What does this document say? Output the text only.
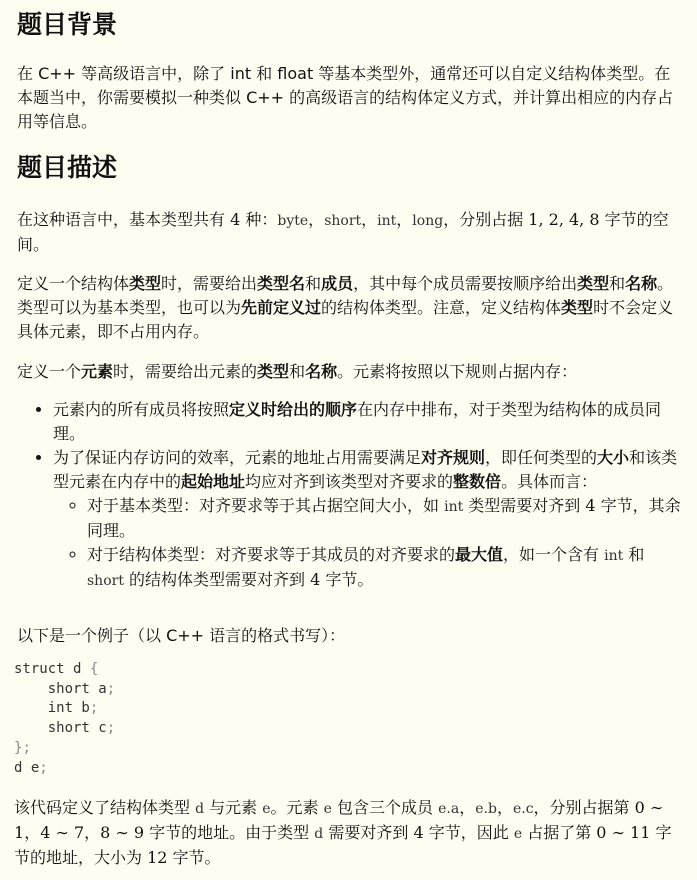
题目背景

在 C++ 等高级语言中，除了 int 和 float 等基本类型外，通常还可以自定义结构体类型。在本题当中，你需要模拟一种类似 C++ 的高级语言的结构体定义方式，并计算出相应的内存占用等信息。

题目描述

在这种语言中，基本类型共有 4 种：byte，short，int，long，分别占据 1, 2, 4, 8 字节的空间。

定义一个结构体类型时，需要给出类型名和成员，其中每个成员需要按顺序给出类型和名称。类型可以为基本类型，也可以为先前定义过的结构体类型。注意，定义结构体类型时不会定义具体元素，即不占用内存。

定义一个元素时，需要给出元素的类型和名称。元素将按照以下规则占据内存：

• 元素内的所有成员将按照定义时给出的顺序在内存中排布，对于类型为结构体的成员同理。
• 为了保证内存访问的效率，元素的地址占用需要满足对齐规则，即任何类型的大小和该类型元素在内存中的起始地址均应对齐到该类型对齐要求的整数倍。具体而言：
◦ 对于基本类型：对齐要求等于其占据空间大小，如 int 类型需要对齐到 4 字节，其余同理。
◦ 对于结构体类型：对齐要求等于其成员的对齐要求的最大值，如一个含有 int 和 short 的结构体类型需要对齐到 4 字节。

以下是一个例子（以 C++ 语言的格式书写）：

struct d {
short a;
int b;
short c;
};
d e;

该代码定义了结构体类型 d 与元素 e。元素 e 包含三个成员 e.a，e.b，e.c，分别占据第 0 ∼ 1，4 ∼ 7，8 ∼ 9 字节的地址。由于类型 d 需要对齐到 4 字节，因此 e 占据了第 0 ∼ 11 字节的地址，大小为 12 字节。
